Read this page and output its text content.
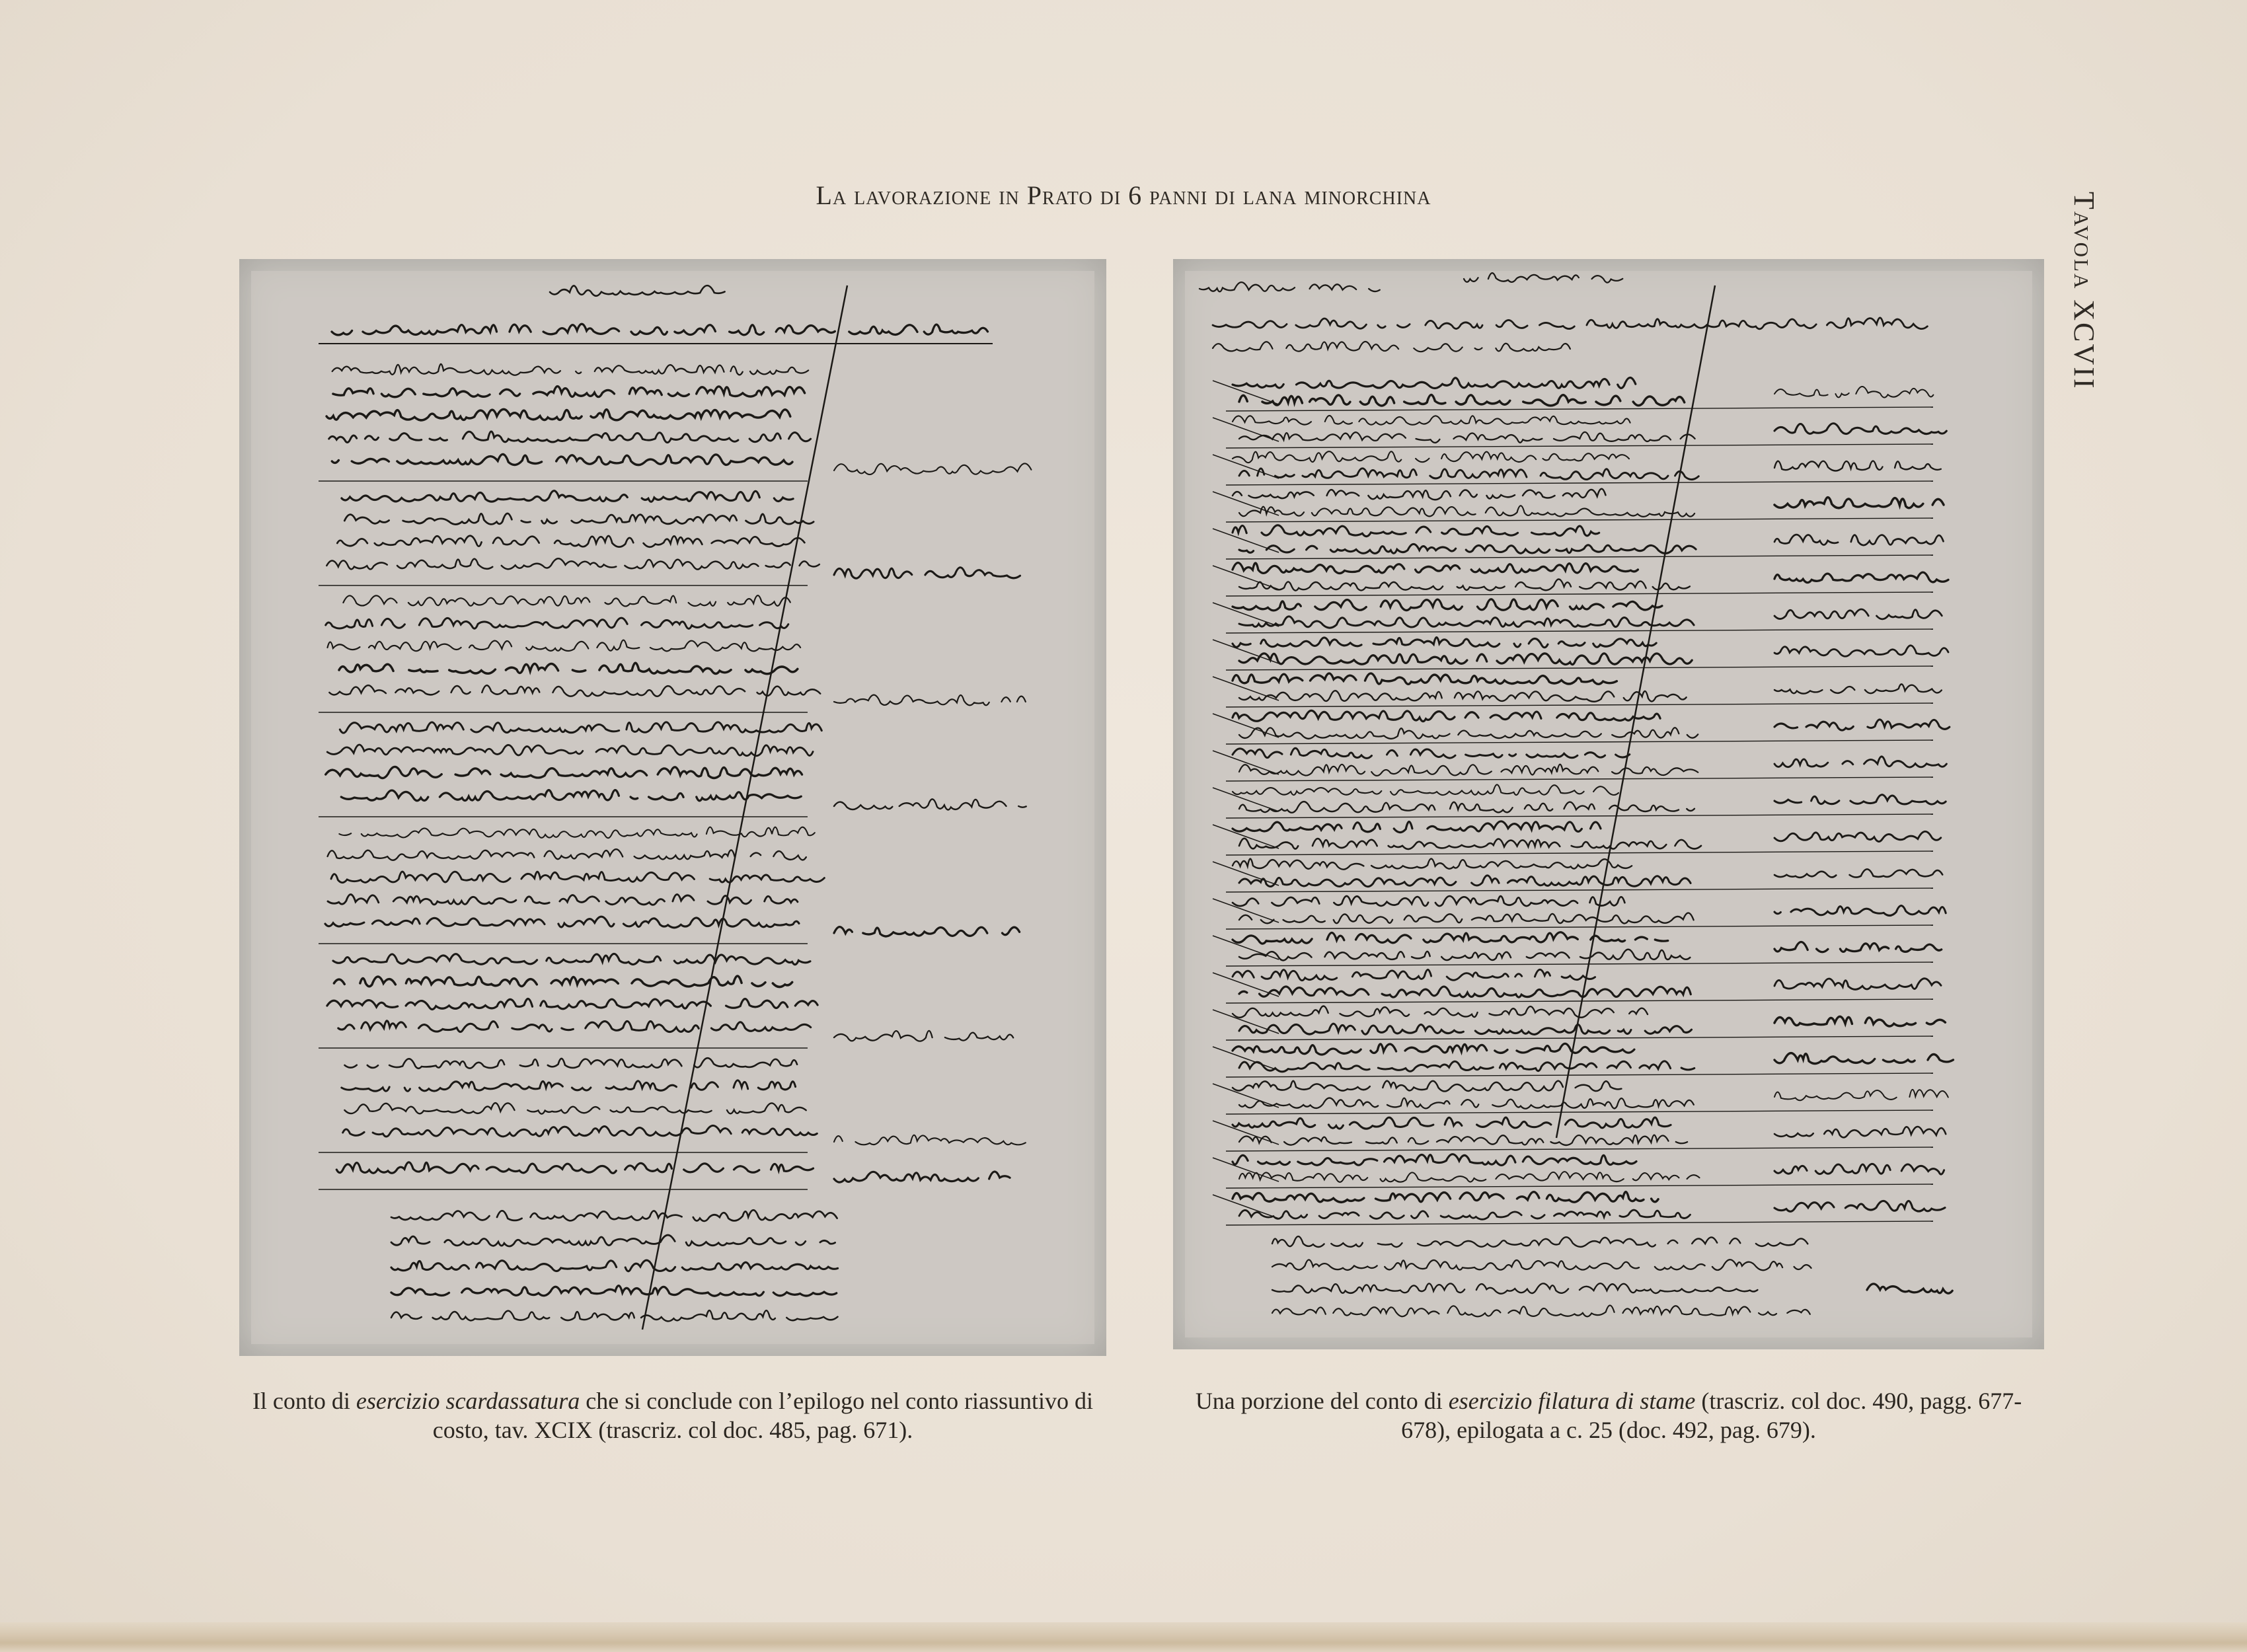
La lavorazione in Prato di 6 panni di lana minorchina	Tavola XCVII
Il conto di esercizio scardassatura che si conclude con l’epilogo nel conto riassuntivo di costo, tav. XCIX (trascriz. col doc. 485, pag. 671).
Una porzione del conto di esercizio filatura di stame (trascriz. col doc. 490, pagg. 677-678), epilogata a c. 25 (doc. 492, pag. 679).
